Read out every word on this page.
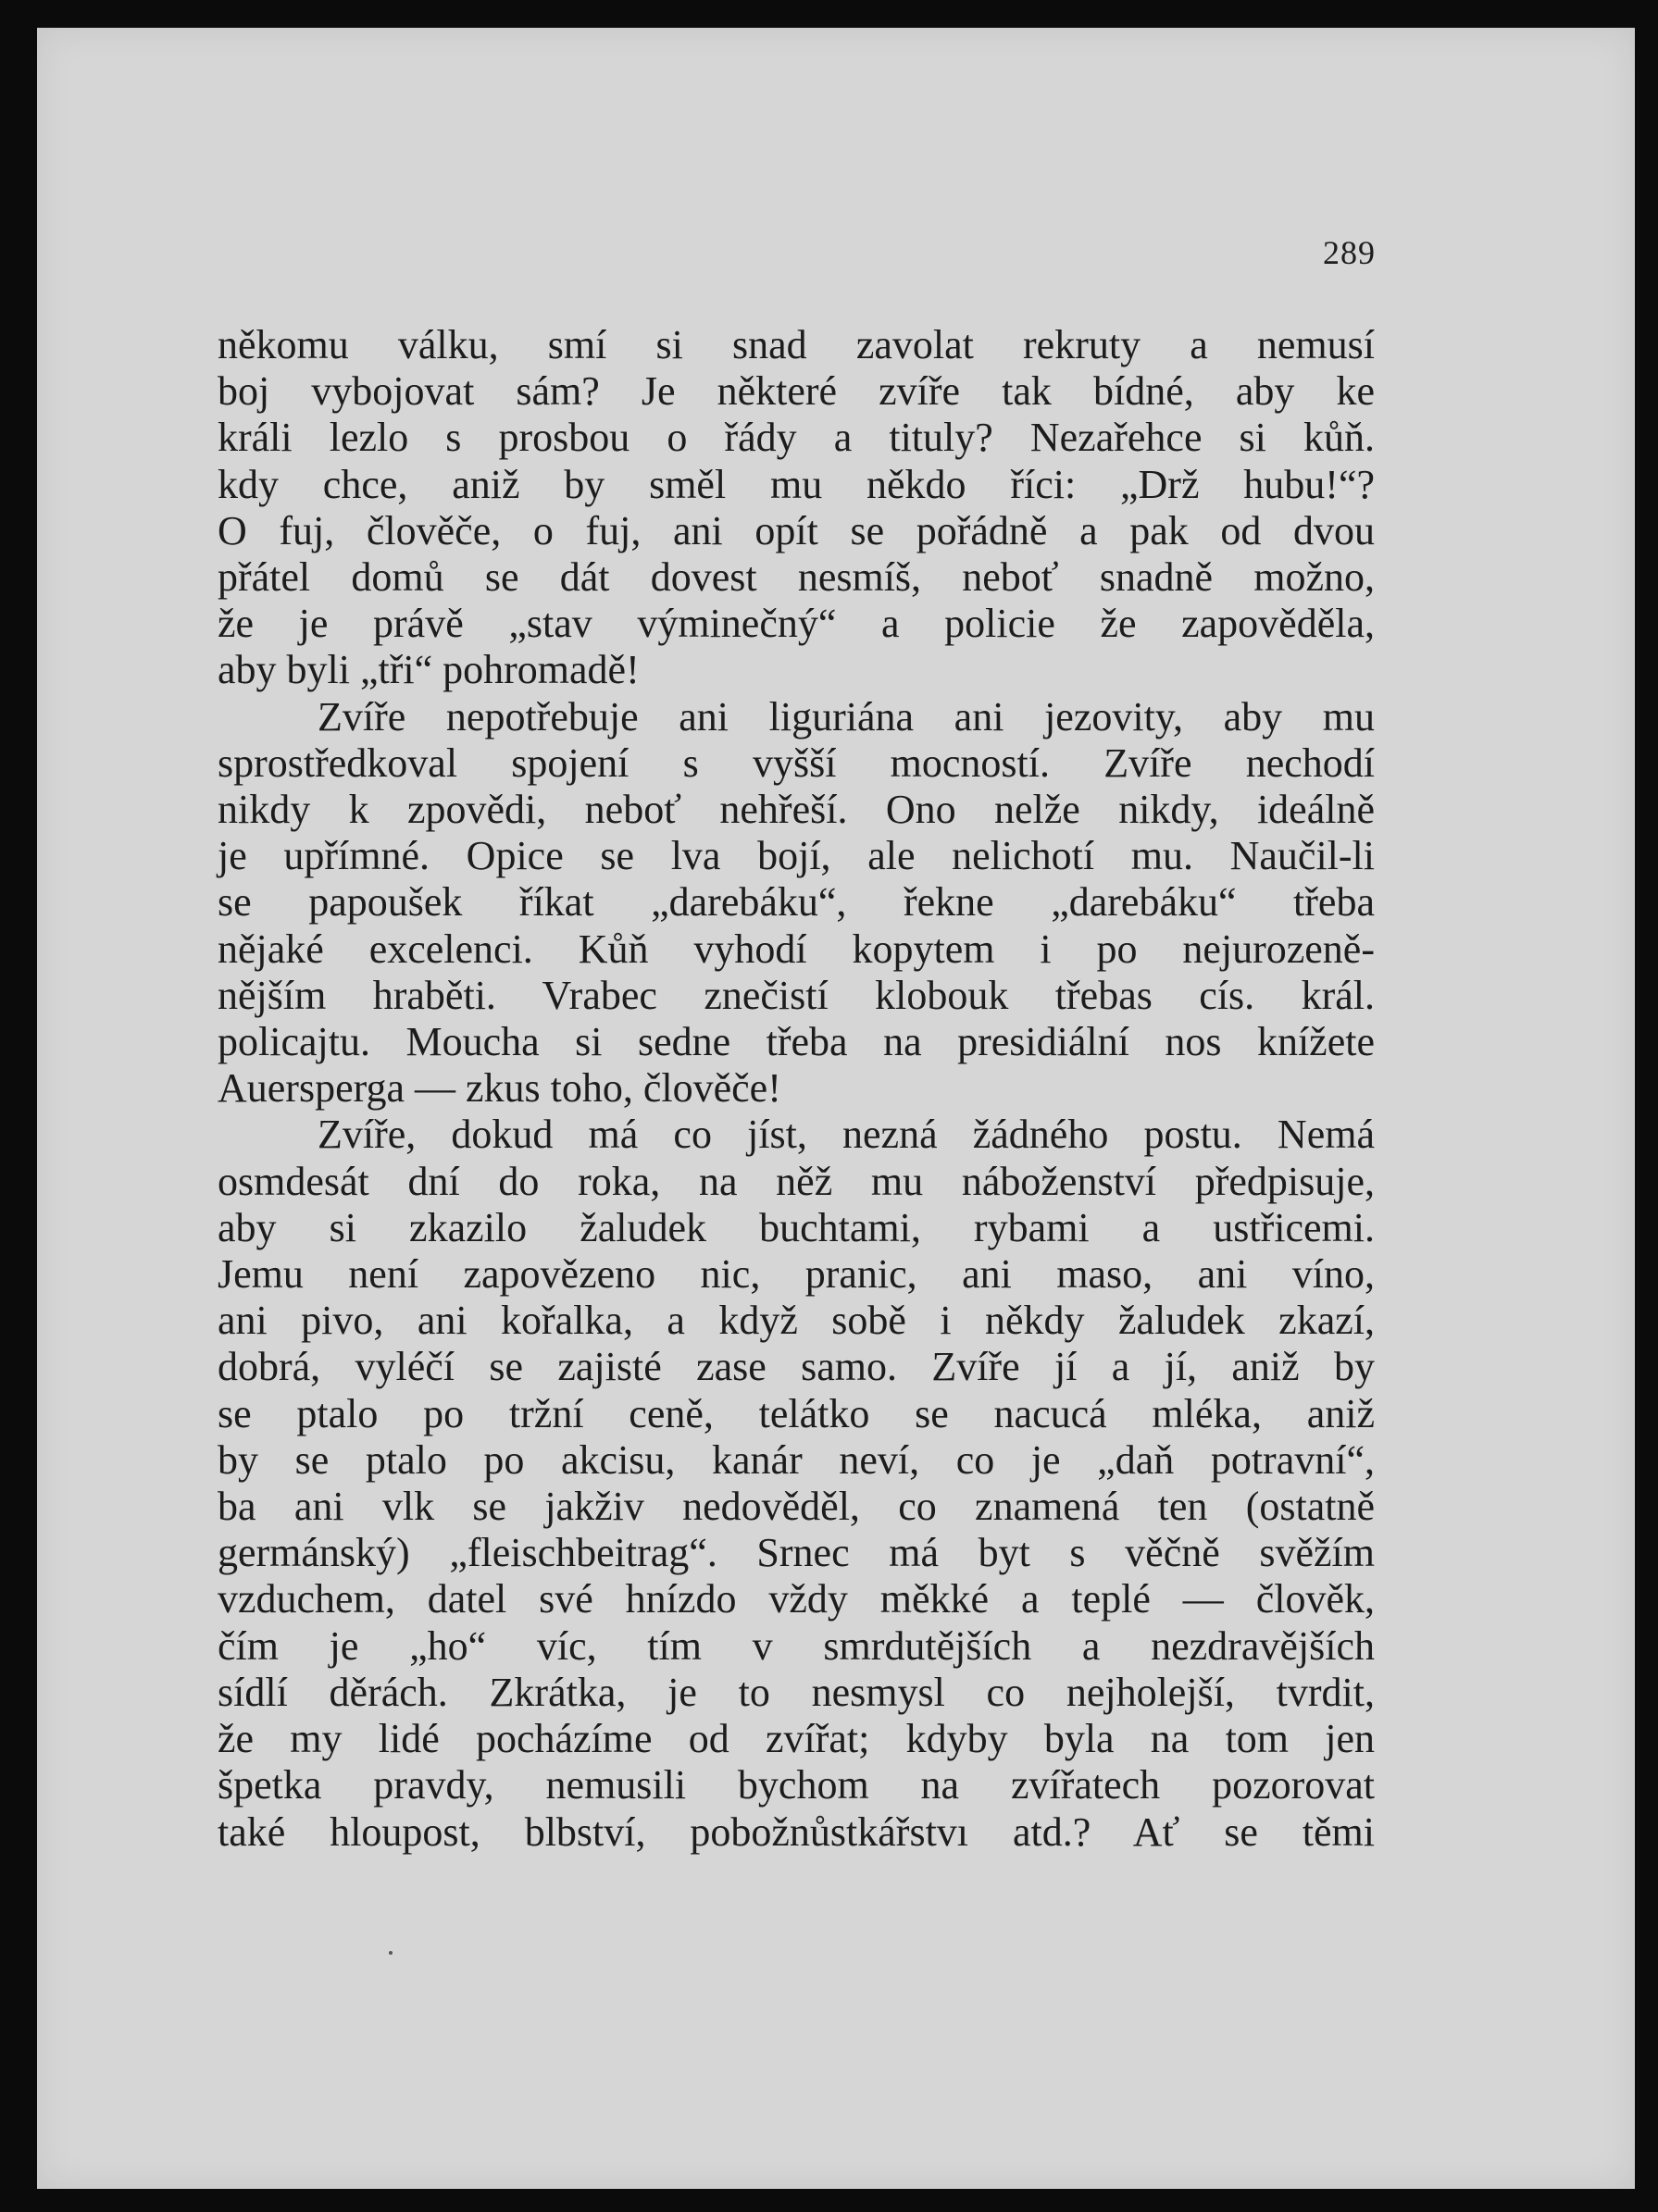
289
někomu válku, smí si snad zavolat rekruty a nemusí
boj vybojovat sám? Je některé zvíře tak bídné, aby ke
králi lezlo s prosbou o řády a tituly? Nezařehce si kůň.
kdy chce, aniž by směl mu někdo říci: „Drž hubu!“?
O fuj, člověče, o fuj, ani opít se pořádně a pak od dvou
přátel domů se dát dovest nesmíš, neboť snadně možno,
že je právě „stav výminečný“ a policie že zapověděla,
aby byli „tři“ pohromadě!
Zvíře nepotřebuje ani liguriána ani jezovity, aby mu
sprostředkoval spojení s vyšší mocností. Zvíře nechodí
nikdy k zpovědi, neboť nehřeší. Ono nelže nikdy, ideálně
je upřímné. Opice se lva bojí, ale nelichotí mu. Naučil-li
se papoušek říkat „darebáku“, řekne „darebáku“ třeba
nějaké excelenci. Kůň vyhodí kopytem i po nejurozeně-
nějším hraběti. Vrabec znečistí klobouk třebas cís. král.
policajtu. Moucha si sedne třeba na presidiální nos knížete
Auersperga — zkus toho, člověče!
Zvíře, dokud má co jíst, nezná žádného postu. Nemá
osmdesát dní do roka, na něž mu náboženství předpisuje,
aby si zkazilo žaludek buchtami, rybami a ustřicemi.
Jemu není zapovězeno nic, pranic, ani maso, ani víno,
ani pivo, ani kořalka, a když sobě i někdy žaludek zkazí,
dobrá, vyléčí se zajisté zase samo. Zvíře jí a jí, aniž by
se ptalo po tržní ceně, telátko se nacucá mléka, aniž
by se ptalo po akcisu, kanár neví, co je „daň potravní“,
ba ani vlk se jakživ nedověděl, co znamená ten (ostatně
germánský) „fleischbeitrag“. Srnec má byt s věčně svěžím
vzduchem, datel své hnízdo vždy měkké a teplé — člověk,
čím je „ho“ víc, tím v smrdutějších a nezdravějších
sídlí děrách. Zkrátka, je to nesmysl co nejholejší, tvrdit,
že my lidé pocházíme od zvířat; kdyby byla na tom jen
špetka pravdy, nemusili bychom na zvířatech pozorovat
také hloupost, blbství, pobožnůstkářstvı atd.? Ať se těmi
